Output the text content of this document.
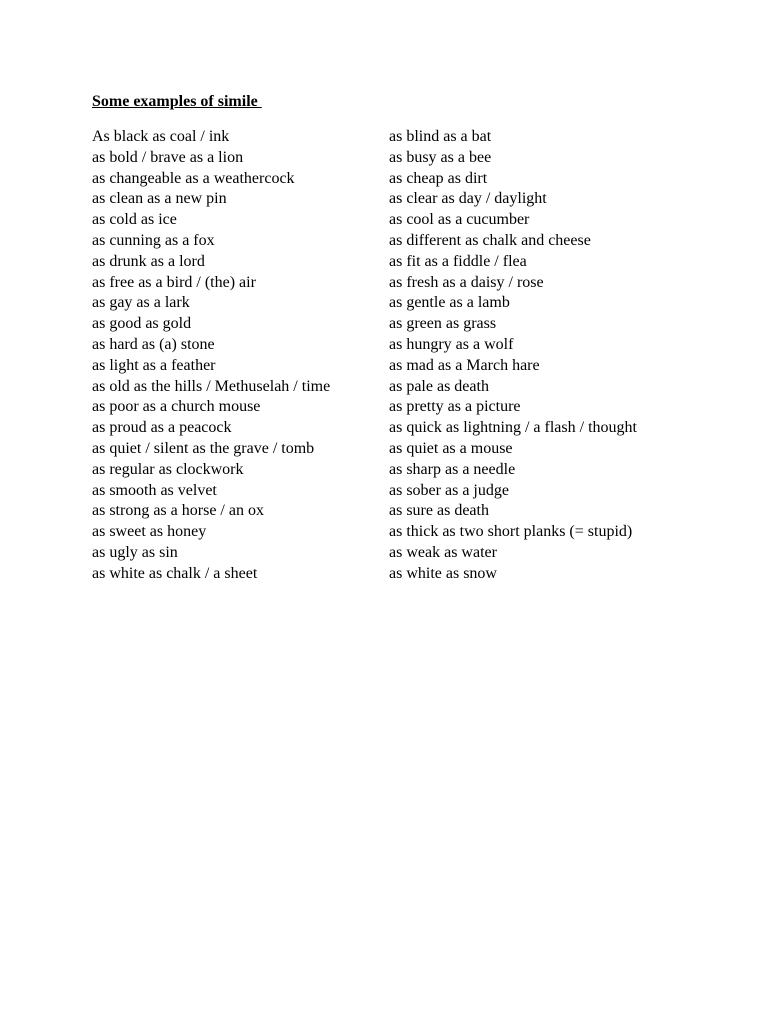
Some examples of simile
As black as coal / ink
as bold / brave as a lion
as changeable as a weathercock
as clean as a new pin
as cold as ice
as cunning as a fox
as drunk as a lord
as free as a bird / (the) air
as gay as a lark
as good as gold
as hard as (a) stone
as light as a feather
as old as the hills / Methuselah / time
as poor as a church mouse
as proud as a peacock
as quiet / silent as the grave / tomb
as regular as clockwork
as smooth as velvet
as strong as a horse / an ox
as sweet as honey
as ugly as sin
as white as chalk / a sheet
as blind as a bat
as busy as a bee
as cheap as dirt
as clear as day / daylight
as cool as a cucumber
as different as chalk and cheese
as fit as a fiddle / flea
as fresh as a daisy / rose
as gentle as a lamb
as green as grass
as hungry as a wolf
as mad as a March hare
as pale as death
as pretty as a picture
as quick as lightning / a flash / thought
as quiet as a mouse
as sharp as a needle
as sober as a judge
as sure as death
as thick as two short planks (= stupid)
as weak as water
as white as snow
